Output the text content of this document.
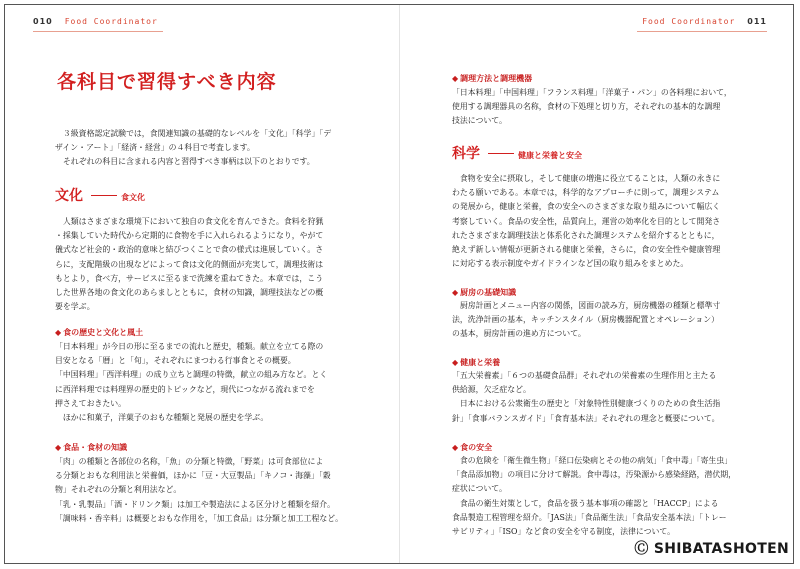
010 Food Coordinator
各科目で習得すべき内容
　３級資格認定試験では，食関連知識の基礎的なレベルを「文化」「科学」「デ
ザイン・アート」「経済・経営」の４科目で考査します。
　それぞれの科目に含まれる内容と習得すべき事柄は以下のとおりです。
文化	食文化
　人類はさまざまな環境下において独自の食文化を育んできた。食料を狩猟
・採集していた時代から定期的に食物を手に入れられるようになり，やがて
儀式など社会的・政治的意味と結びつくことで食の様式は進展していく。さ
らに，支配階級の出現などによって食は文化的側面が充実して，調理技術は
もとより，食べ方，サービスに至るまで洗練を重ねてきた。本章では，こう
した世界各地の食文化のあらましとともに，食材の知識，調理技法などの概
要を学ぶ。
◆ 食の歴史と文化と風土
「日本料理」が今日の形に至るまでの流れと歴史，種類。献立を立てる際の
目安となる「暦」と「旬」，それぞれにまつわる行事食とその概要。
「中国料理」「西洋料理」の成り立ちと調理の特徴，献立の組み方など。とく
に西洋料理では料理界の歴史的トピックなど，現代につながる流れまでを
押さえておきたい。
　ほかに和菓子，洋菓子のおもな種類と発展の歴史を学ぶ。
◆ 食品・食材の知識
「肉」の種類と各部位の名称，「魚」の分類と特徴，「野菜」は可食部位によ
る分類とおもな利用法と栄養価，ほかに「豆・大豆製品」「キノコ・海藻」「穀
物」それぞれの分類と利用法など。
「乳・乳製品」「酒・ドリンク類」は加工や製造法による区分けと種類を紹介。
「調味料・香辛料」は概要とおもな作用を，「加工食品」は分類と加工工程など。
Food Coordinator 011
◆ 調理方法と調理機器
「日本料理」「中国料理」「フランス料理」「洋菓子・パン」の各料理において，
使用する調理器具の名称，食材の下処理と切り方，それぞれの基本的な調理
技法について。
科学	健康と栄養と安全
　食物を安全に摂取し，そして健康の増進に役立てることは，人類の永きに
わたる願いである。本章では，科学的なアプローチに則って，調理システム
の発展から，健康と栄養，食の安全へのさまざまな取り組みについて幅広く
考察していく。食品の安全性，品質向上，運営の効率化を目的として開発さ
れたさまざまな調理技法と体系化された調理システムを紹介するとともに，
絶えず新しい情報が更新される健康と栄養，さらに，食の安全性や健康管理
に対応する表示制度やガイドラインなど国の取り組みをまとめた。
◆ 厨房の基礎知識
　厨房計画とメニュー内容の関係，図面の読み方，厨房機器の種類と標準寸
法，洗浄計画の基本，キッチンスタイル（厨房機器配置とオペレーション）
の基本，厨房計画の進め方について。
◆ 健康と栄養
「五大栄養素」「６つの基礎食品群」それぞれの栄養素の生理作用と主たる
供給源，欠乏症など。
　日本における公衆衛生の歴史と「対象特性別健康づくりのための食生活指
針」「食事バランスガイド」「食育基本法」それぞれの理念と概要について。
◆ 食の安全
　食の危険を「衛生微生物」「経口伝染病とその他の病気」「食中毒」「寄生虫」
「食品添加物」の項目に分けて解説。食中毒は，汚染源から感染経路，潜伏期，
症状について。
　食品の衛生対策として，食品を扱う基本事項の確認と「HACCP」による
食品製造工程管理を紹介。「JAS法」「食品衛生法」「食品安全基本法」「トレー
サビリティ」「ISO」など食の安全を守る制度，法律について。
Ⓒ SHIBATASHOTEN
